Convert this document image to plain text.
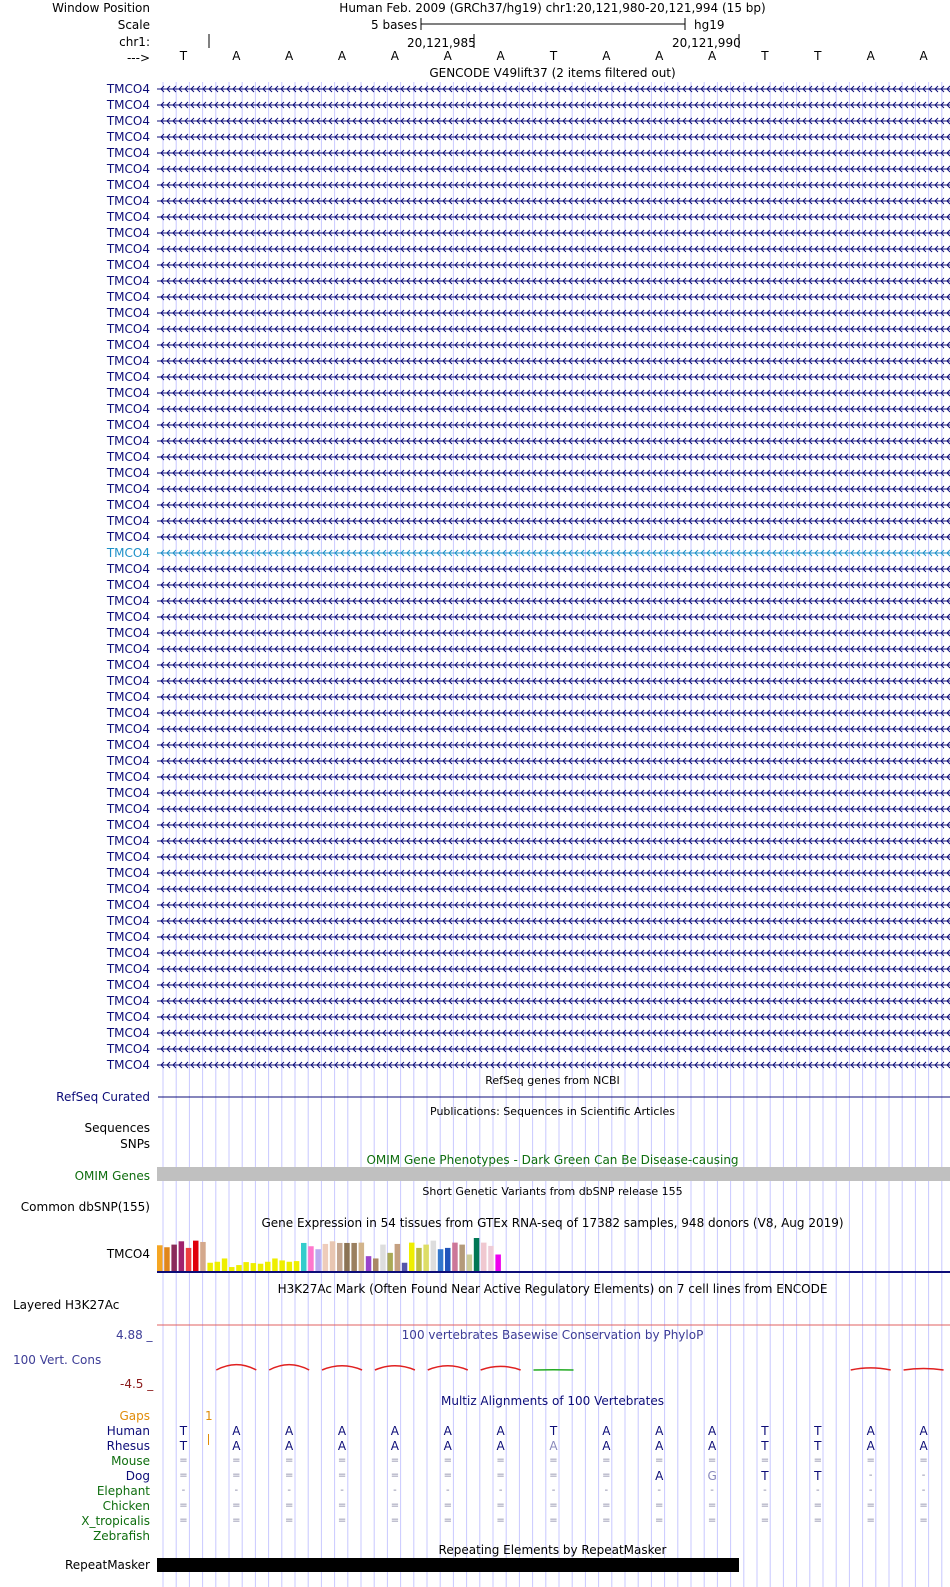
Window Position
Scale
chr1:
--->
Human Feb. 2009 (GRCh37/hg19) chr1:20,121,980-20,121,994 (15 bp)
5 bases	hg19
20,121,985	20,121,990
T	A	A	A	A	A	A	T	A	A	A	T	T	A	A
GENCODE V49lift37 (2 items filtered out)
TMCO4
TMCO4
TMCO4
TMCO4
TMCO4
TMCO4
TMCO4
TMCO4
TMCO4
TMCO4
TMCO4
TMCO4
TMCO4
TMCO4
TMCO4
TMCO4
TMCO4
TMCO4
TMCO4
TMCO4
TMCO4
TMCO4
TMCO4
TMCO4
TMCO4
TMCO4
TMCO4
TMCO4
TMCO4
TMCO4
TMCO4
TMCO4
TMCO4
TMCO4
TMCO4
TMCO4
TMCO4
TMCO4
TMCO4
TMCO4
TMCO4
TMCO4
TMCO4
TMCO4
TMCO4
TMCO4
TMCO4
TMCO4
TMCO4
TMCO4
TMCO4
TMCO4
TMCO4
TMCO4
TMCO4
TMCO4
TMCO4
TMCO4
TMCO4
TMCO4
TMCO4
TMCO4
RefSeq genes from NCBI
RefSeq Curated
Publications: Sequences in Scientific Articles
Sequences
SNPs
OMIM Gene Phenotypes - Dark Green Can Be Disease-causing
OMIM Genes
Short Genetic Variants from dbSNP release 155
Common dbSNP(155)
Gene Expression in 54 tissues from GTEx RNA-seq of 17382 samples, 948 donors (V8, Aug 2019)
TMCO4
H3K27Ac Mark (Often Found Near Active Regulatory Elements) on 7 cell lines from ENCODE
Layered H3K27Ac
100 vertebrates Basewise Conservation by PhyloP
4.88 _
100 Vert. Cons
-4.5 _
Multiz Alignments of 100 Vertebrates
Gaps	1
Human	T	A	A	A	A	A	A	T	A	A	A	T	T	A	A
Rhesus	T	A	A	A	A	A	A	A	A	A	A	T	T	A	A
Mouse	=	=	=	=	=	=	=	=	=	=	=	=	=	=	=
Dog	=	=	=	=	=	=	=	=	=	A	G	T	T	-	-
Elephant	-	-	-	-	-	-	-	-	-	-	-	-	-	-	-
Chicken	=	=	=	=	=	=	=	=	=	=	=	=	=	=	=
X_tropicalis	=	=	=	=	=	=	=	=	=	=	=	=	=	=	=
Zebrafish
Repeating Elements by RepeatMasker
RepeatMasker
